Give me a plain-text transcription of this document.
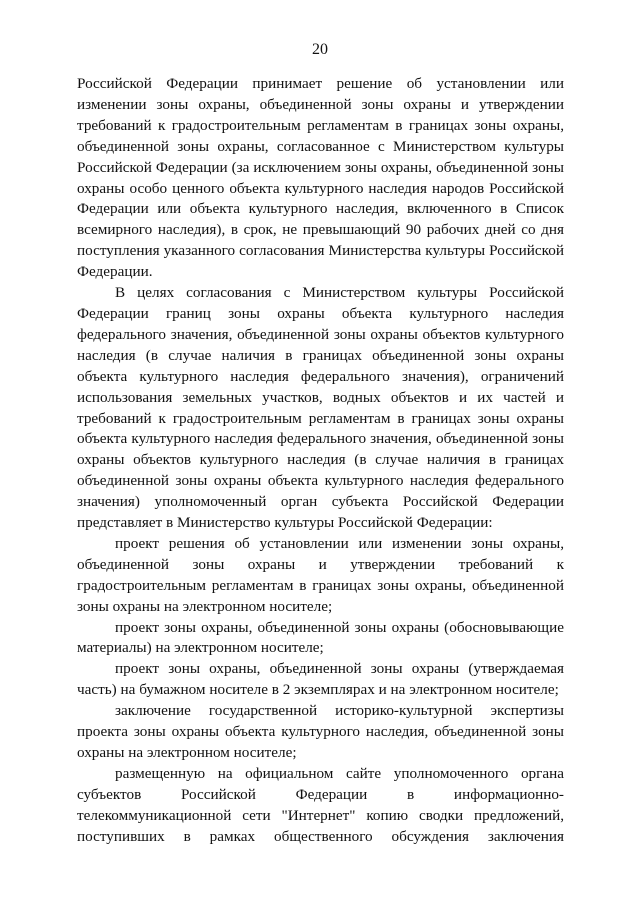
20

Российской Федерации принимает решение об установлении или изменении зоны охраны, объединенной зоны охраны и утверждении требований к градостроительным регламентам в границах зоны охраны, объединенной зоны охраны, согласованное с Министерством культуры Российской Федерации (за исключением зоны охраны, объединенной зоны охраны особо ценного объекта культурного наследия народов Российской Федерации или объекта культурного наследия, включенного в Список всемирного наследия), в срок, не превышающий 90 рабочих дней со дня поступления указанного согласования Министерства культуры Российской Федерации.

В целях согласования с Министерством культуры Российской Федерации границ зоны охраны объекта культурного наследия федерального значения, объединенной зоны охраны объектов культурного наследия (в случае наличия в границах объединенной зоны охраны объекта культурного наследия федерального значения), ограничений использования земельных участков, водных объектов и их частей и требований к градостроительным регламентам в границах зоны охраны объекта культурного наследия федерального значения, объединенной зоны охраны объектов культурного наследия (в случае наличия в границах объединенной зоны охраны объекта культурного наследия федерального значения) уполномоченный орган субъекта Российской Федерации представляет в Министерство культуры Российской Федерации:

проект решения об установлении или изменении зоны охраны, объединенной зоны охраны и утверждении требований к градостроительным регламентам в границах зоны охраны, объединенной зоны охраны на электронном носителе;

проект зоны охраны, объединенной зоны охраны (обосновывающие материалы) на электронном носителе;

проект зоны охраны, объединенной зоны охраны (утверждаемая часть) на бумажном носителе в 2 экземплярах и на электронном носителе;

заключение государственной историко-культурной экспертизы проекта зоны охраны объекта культурного наследия, объединенной зоны охраны на электронном носителе;

размещенную на официальном сайте уполномоченного органа субъектов Российской Федерации в информационно-телекоммуникационной сети "Интернет" копию сводки предложений, поступивших в рамках общественного обсуждения заключения
